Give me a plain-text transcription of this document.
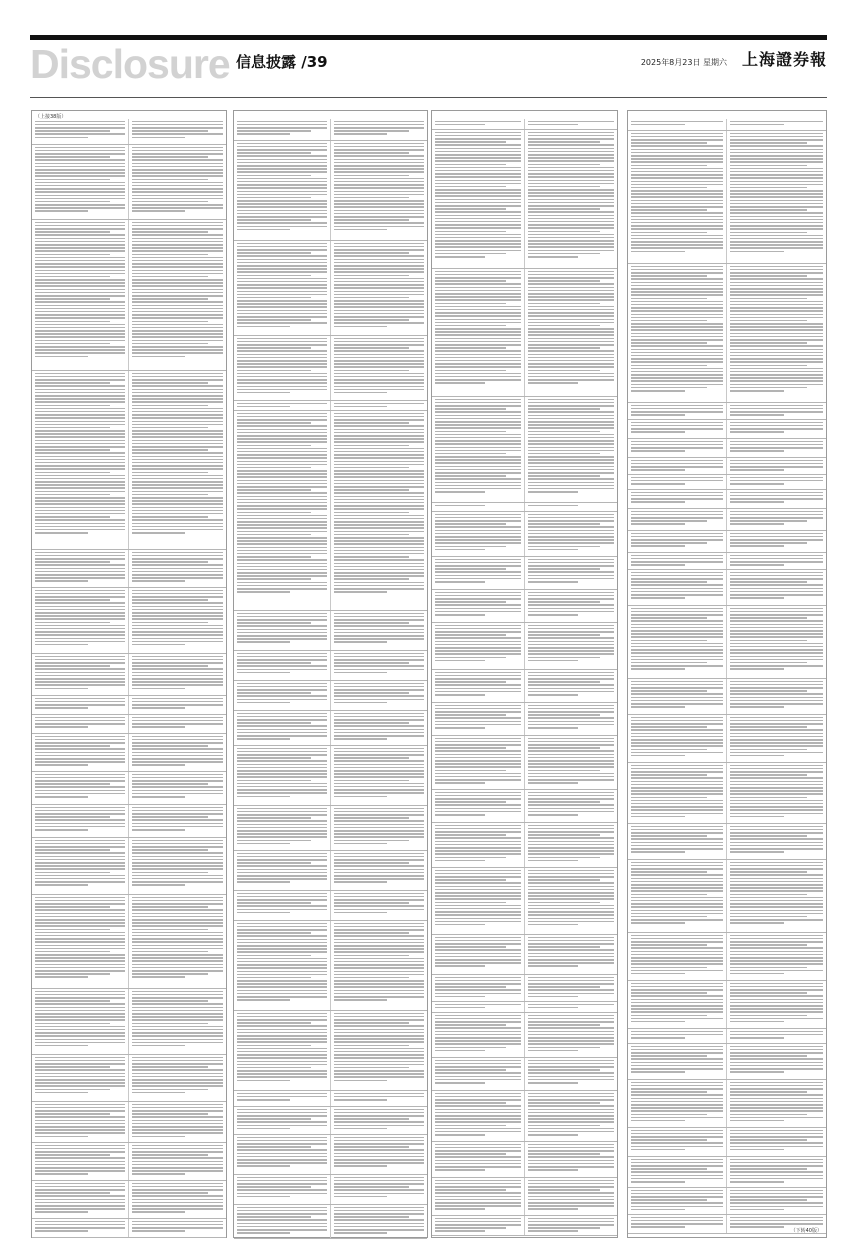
Disclosure 信息披露 /39	2025年8月23日 星期六 上海證券報
（上接38版）
（下转40版）
